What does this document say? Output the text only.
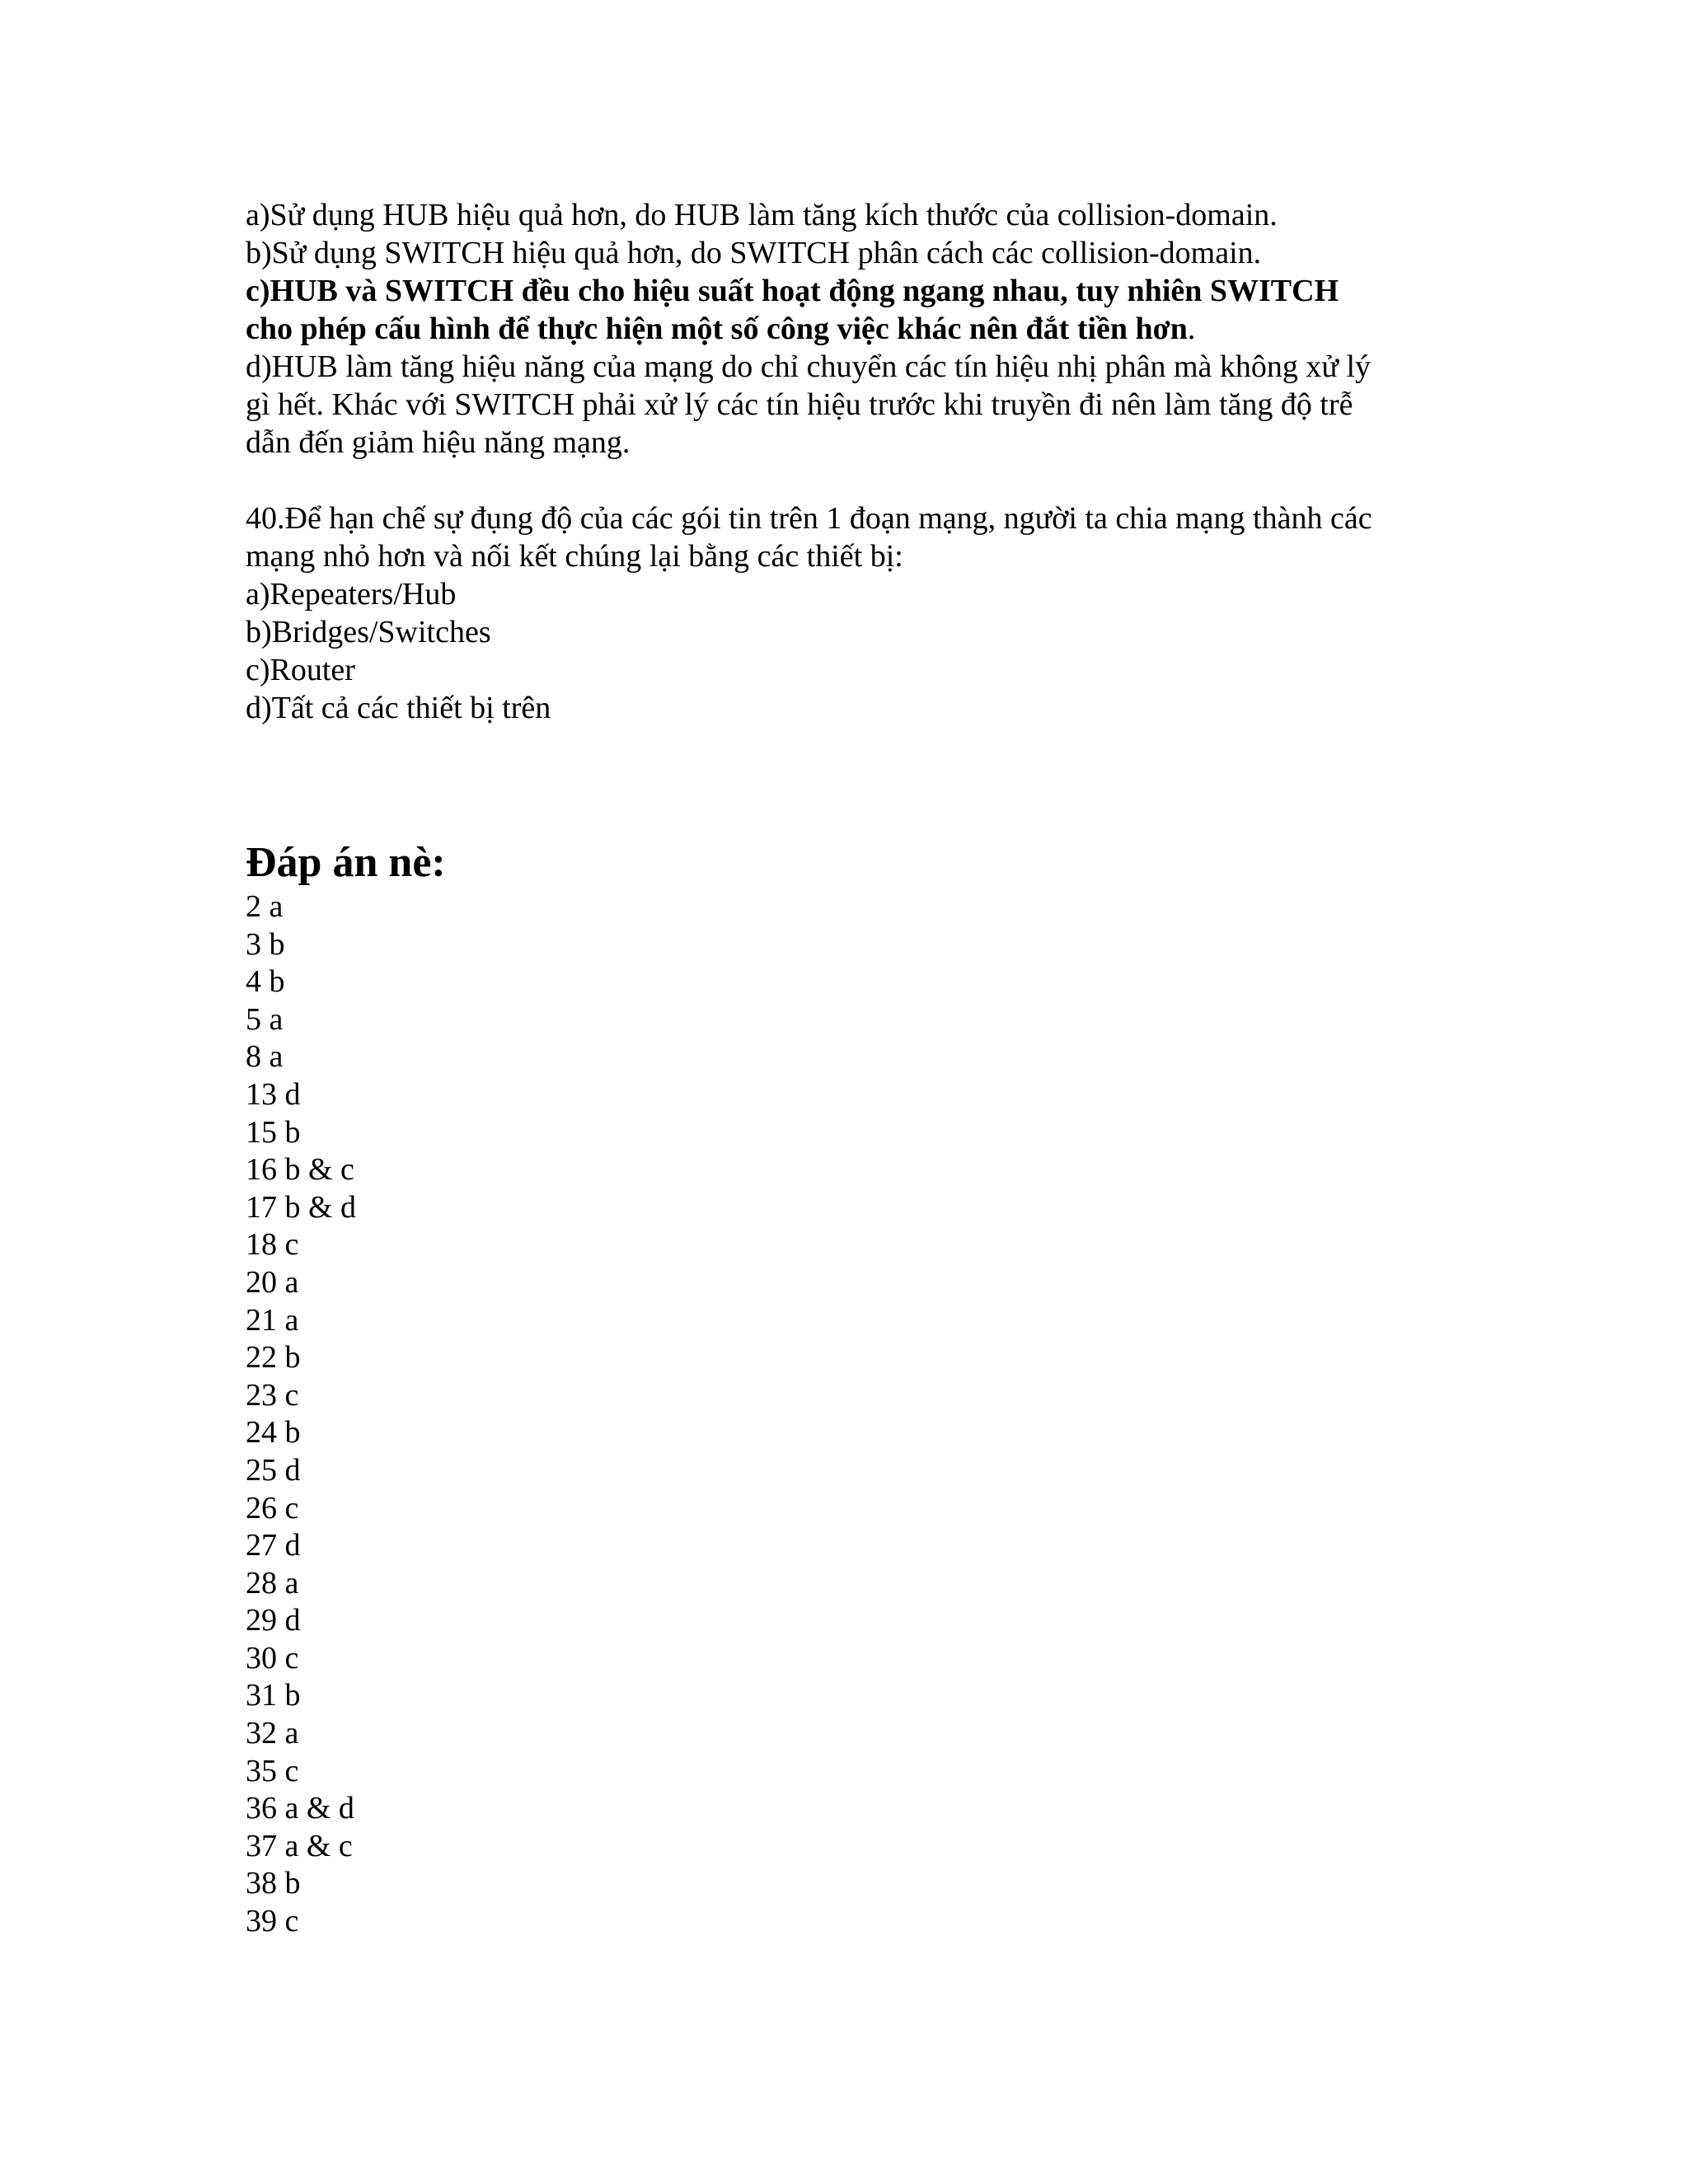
a)Sử dụng HUB hiệu quả hơn, do HUB làm tăng kích thước của collision-domain.
b)Sử dụng SWITCH hiệu quả hơn, do SWITCH phân cách các collision-domain.
c)HUB và SWITCH đều cho hiệu suất hoạt động ngang nhau, tuy nhiên SWITCH
cho phép cấu hình để thực hiện một số công việc khác nên đắt tiền hơn.
d)HUB làm tăng hiệu năng của mạng do chỉ chuyển các tín hiệu nhị phân mà không xử lý
gì hết. Khác với SWITCH phải xử lý các tín hiệu trước khi truyền đi nên làm tăng độ trễ
dẫn đến giảm hiệu năng mạng.
40.Để hạn chế sự đụng độ của các gói tin trên 1 đoạn mạng, người ta chia mạng thành các
mạng nhỏ hơn và nối kết chúng lại bằng các thiết bị:
a)Repeaters/Hub
b)Bridges/Switches
c)Router
d)Tất cả các thiết bị trên
Đáp án nè:
2 a
3 b
4 b
5 a
8 a
13 d
15 b
16 b & c
17 b & d
18 c
20 a
21 a
22 b
23 c
24 b
25 d
26 c
27 d
28 a
29 d
30 c
31 b
32 a
35 c
36 a & d
37 a & c
38 b
39 c
